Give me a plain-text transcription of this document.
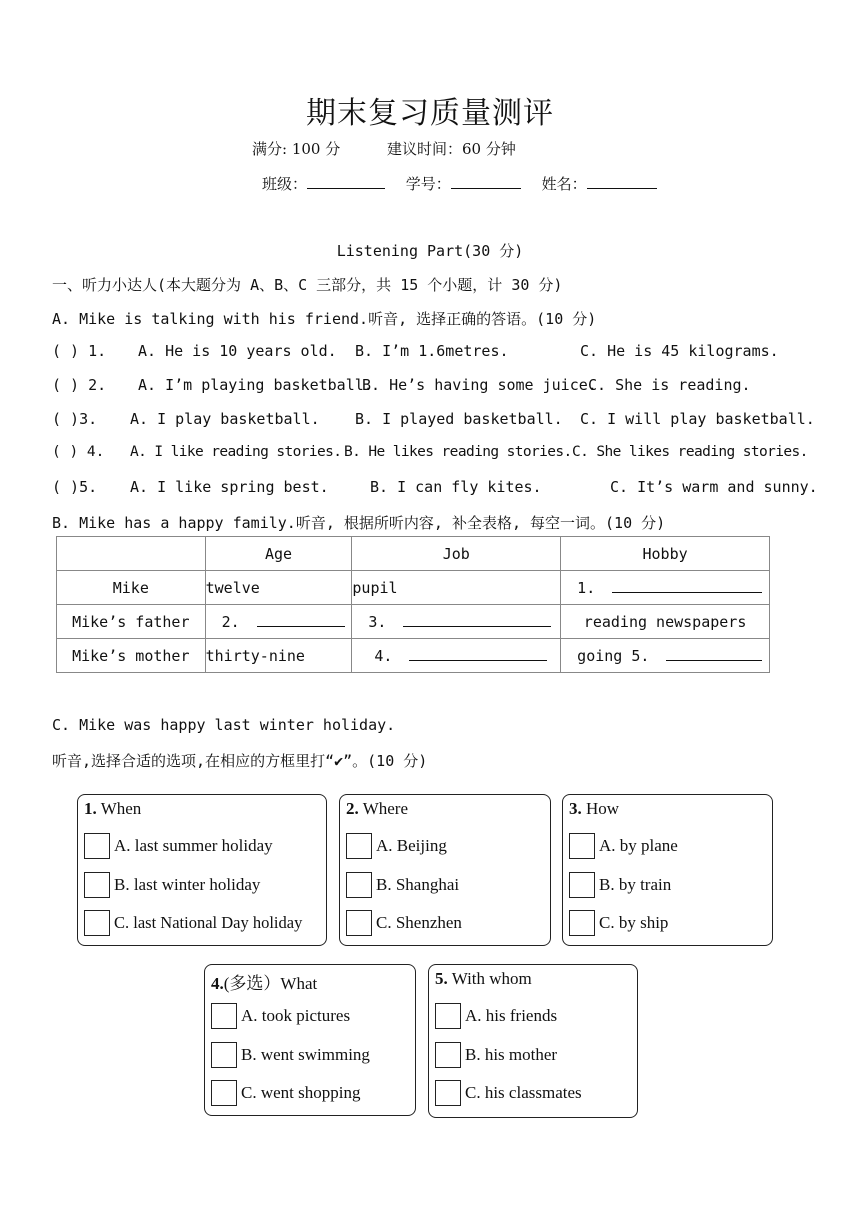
期末复习质量测评
满分: 100 分	建议时间：60 分钟
班级：	学号：	姓名：
Listening Part(30 分)
一、听力小达人(本大题分为 A、B、C 三部分，共 15 个小题，计 30 分)
A. Mike is talking with his friend.听音, 选择正确的答语。(10 分)
( ) 1. A. He is 10 years old. B. I’m 1.6metres.	C. He is 45 kilograms.
( ) 2. A. I’m playing basketball.
B. He’s having some juice.
C. She is reading.
( )3. A. I play basketball. B. I played basketball. C. I will play basketball.
( ) 4. A. I like reading stories. B. He likes reading stories. C. She likes reading stories.
( )5. A. I like spring best.	B. I can fly kites.	C. It’s warm and sunny.
B. Mike has a happy family.听音, 根据所听内容, 补全表格, 每空一词。(10 分)
	Age	Job	Hobby
Mike	twelve	pupil	1.
Mike’s father	2.	3.	reading newspapers
Mike’s mother	thirty-nine	4.	going 5.
C. Mike was happy last winter holiday.
听音,选择合适的选项,在相应的方框里打“✔”。(10 分)
1. When
A. last summer holiday
B. last winter holiday
C. last National Day holiday
2. Where
A. Beijing
B. Shanghai
C. Shenzhen
3. How
A. by plane
B. by train
C. by ship
4.(多选）What
A. took pictures
B. went swimming
C. went shopping
5. With whom
A. his friends
B. his mother
C. his classmates
